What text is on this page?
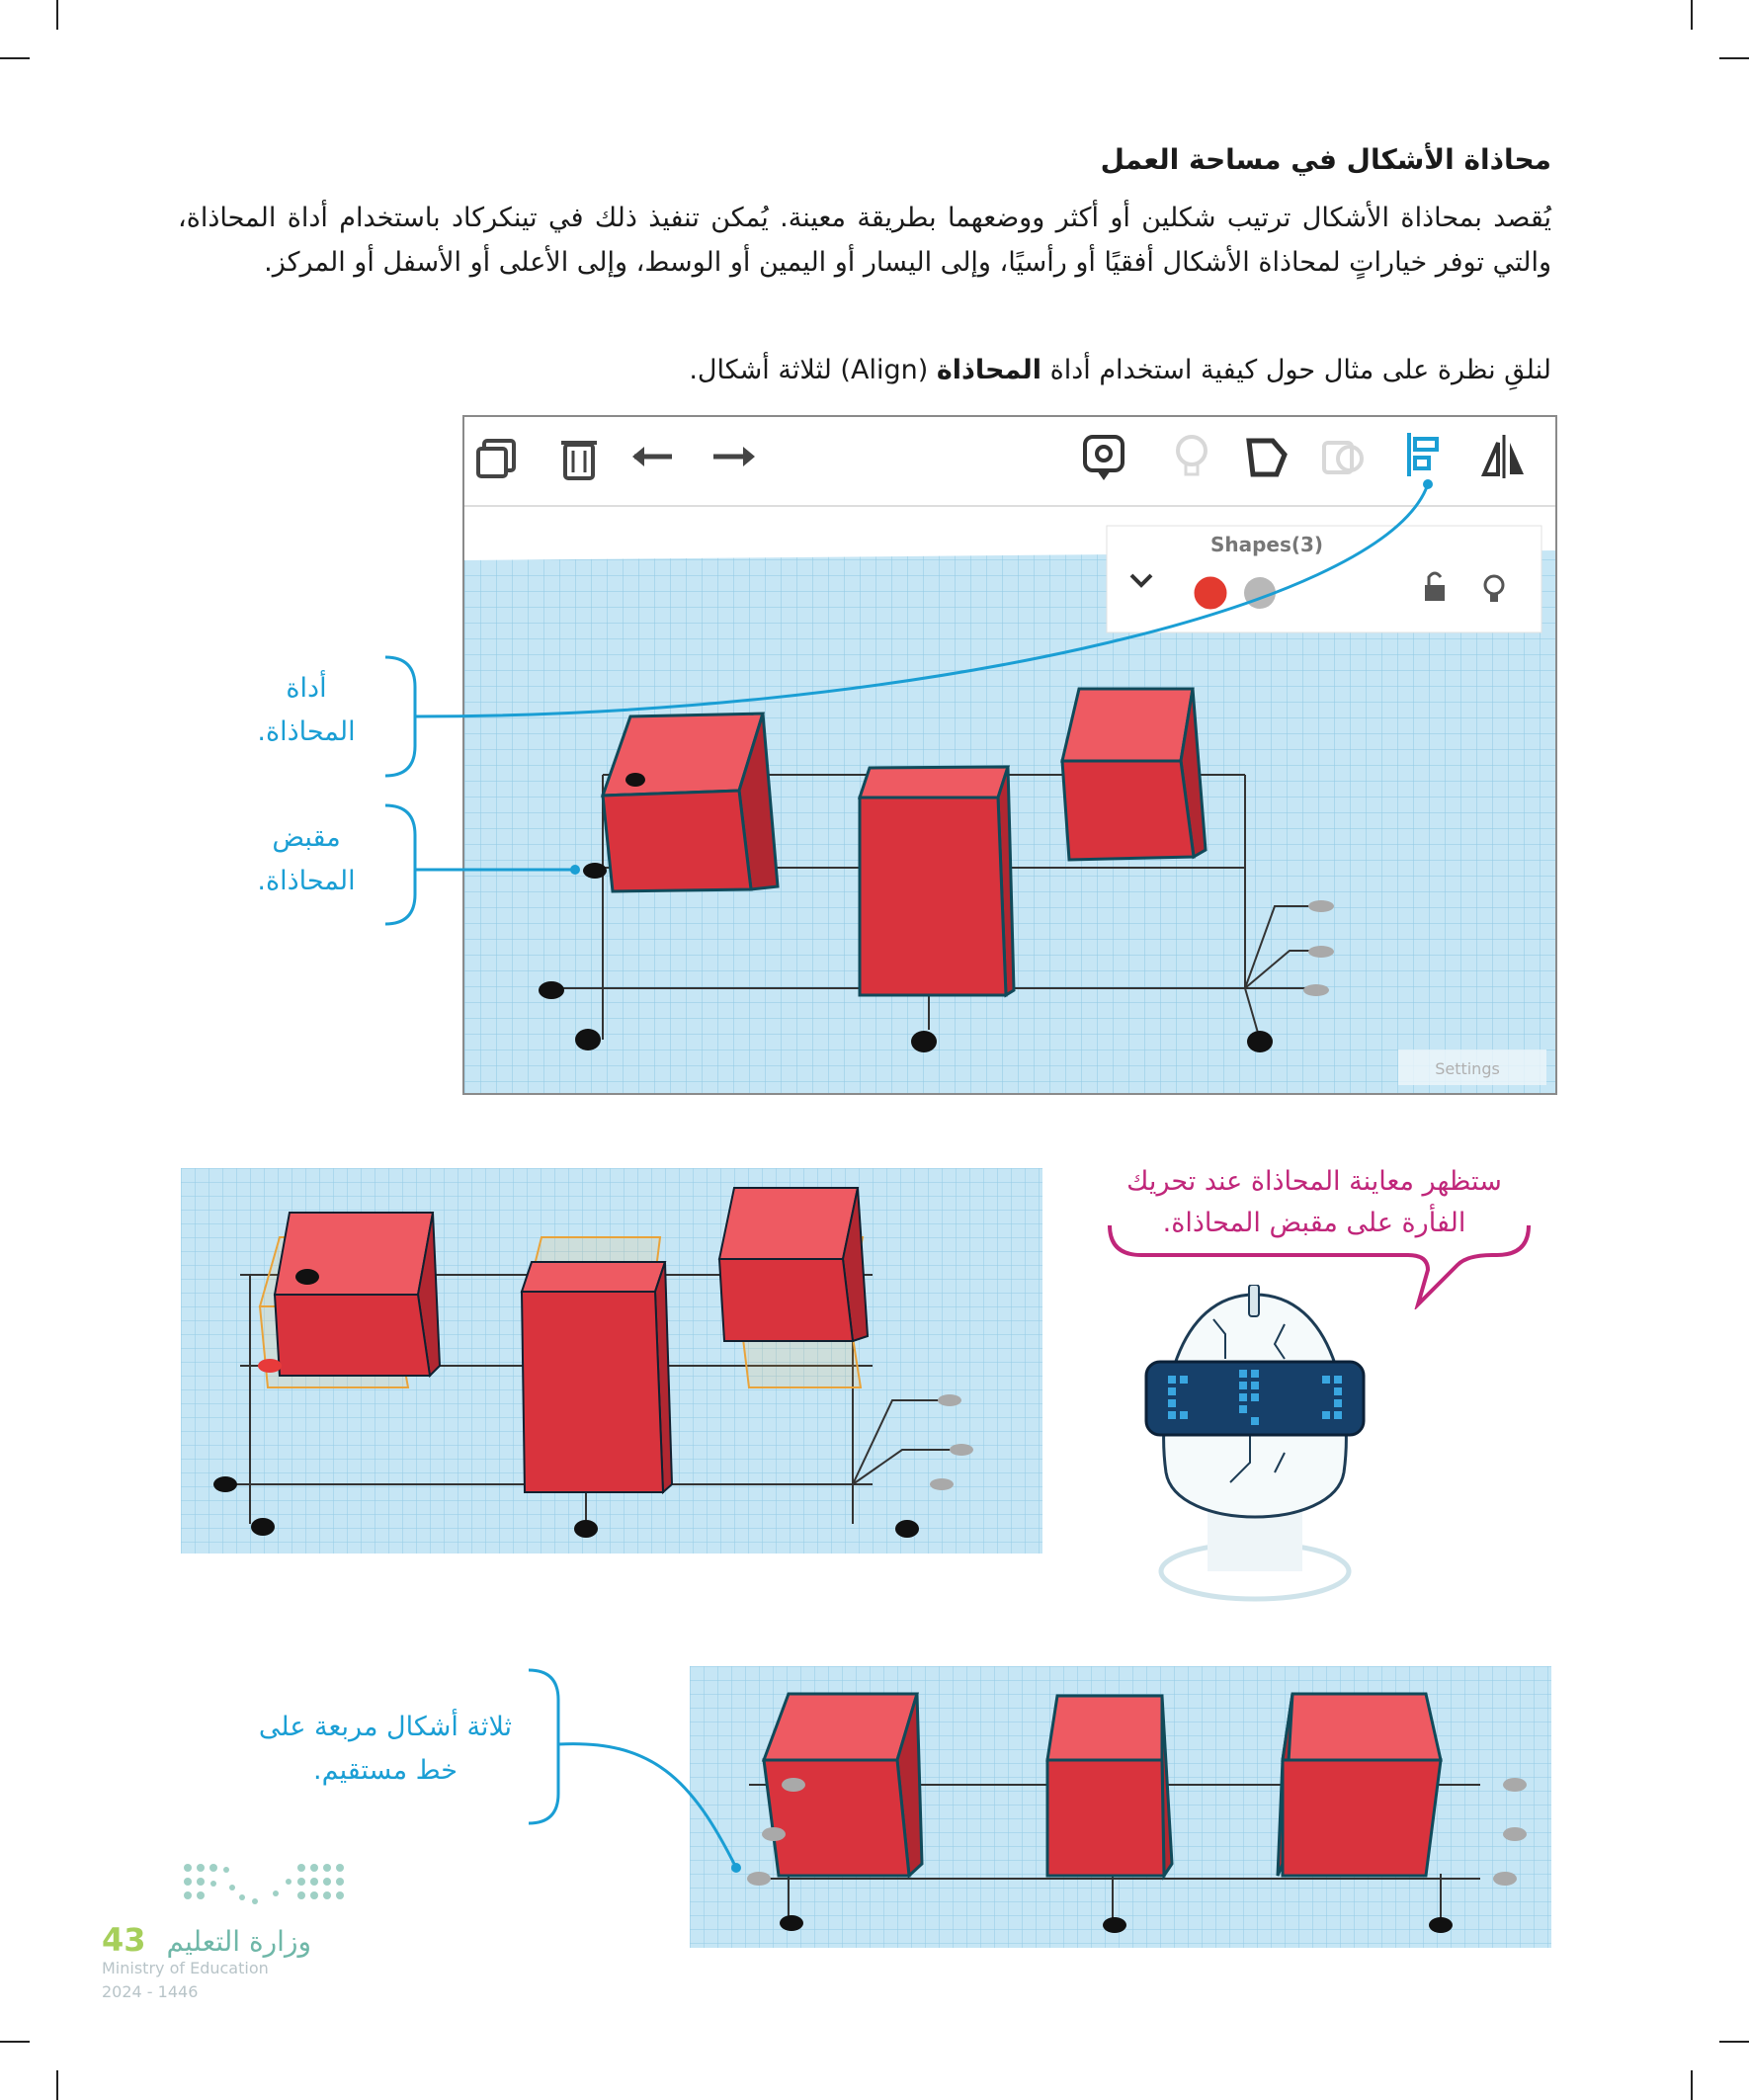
محاذاة الأشكال في مساحة العمل
يُقصد بمحاذاة الأشكال ترتيب شكلين أو أكثر ووضعهما بطريقة معينة. يُمكن تنفيذ ذلك في تينكركاد باستخدام أداة المحاذاة، والتي توفر خياراتٍ لمحاذاة الأشكال أفقيًا أو رأسيًا، وإلى اليسار أو اليمين أو الوسط، وإلى الأعلى أو الأسفل أو المركز.
لنلقِ نظرة على مثال حول كيفية استخدام أداة المحاذاة (Align) لثلاثة أشكال.
Shapes(3)
Settings
أداة
المحاذاة.
مقبض
المحاذاة.
ستظهر معاينة المحاذاة عند تحريك
الفأرة على مقبض المحاذاة.
ثلاثة أشكال مربعة على
خط مستقيم.
وزارة التعليم
43
Ministry of Education
2024 - 1446
